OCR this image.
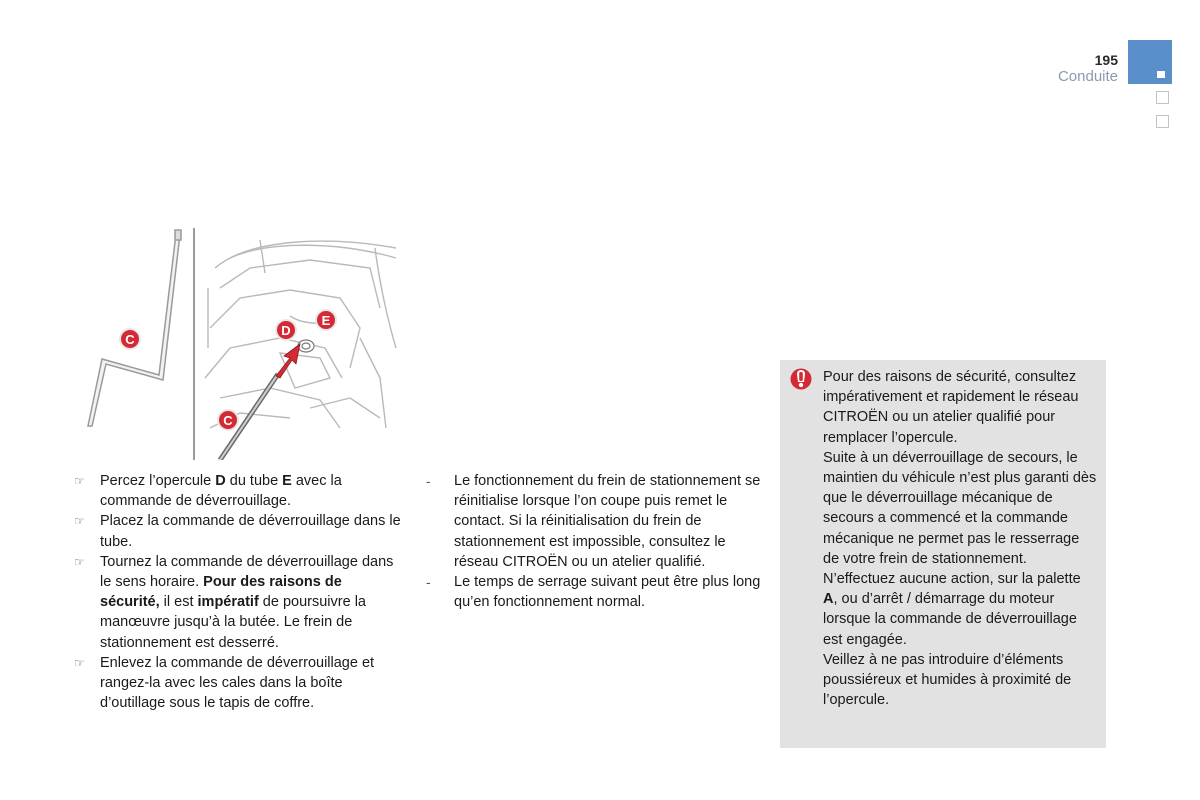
195
Conduite
C
C
D
E
☞ Percez l’opercule D du tube E avec la commande de déverrouillage.
☞ Placez la commande de déverrouillage dans le tube.
☞ Tournez la commande de déverrouillage dans le sens horaire. Pour des raisons de sécurité, il est impératif de poursuivre la manœuvre jusqu’à la butée. Le frein de stationnement est desserré.
☞ Enlevez la commande de déverrouillage et rangez-la avec les cales dans la boîte d’outillage sous le tapis de coffre.
- Le fonctionnement du frein de stationnement se réinitialise lorsque l’on coupe puis remet le contact. Si la réinitialisation du frein de stationnement est impossible, consultez le réseau CITROËN ou un atelier qualifié.
- Le temps de serrage suivant peut être plus long qu’en fonctionnement normal.

Pour des raisons de sécurité, consultez impérativement et rapidement le réseau CITROËN ou un atelier qualifié pour remplacer l’opercule.

Suite à un déverrouillage de secours, le maintien du véhicule n’est plus garanti dès que le déverrouillage mécanique de secours a commencé et la commande mécanique ne permet pas le resserrage de votre frein de stationnement.

N’effectuez aucune action, sur la palette A, ou d’arrêt / démarrage du moteur lorsque la commande de déverrouillage est engagée.

Veillez à ne pas introduire d’éléments poussiéreux et humides à proximité de l’opercule.
